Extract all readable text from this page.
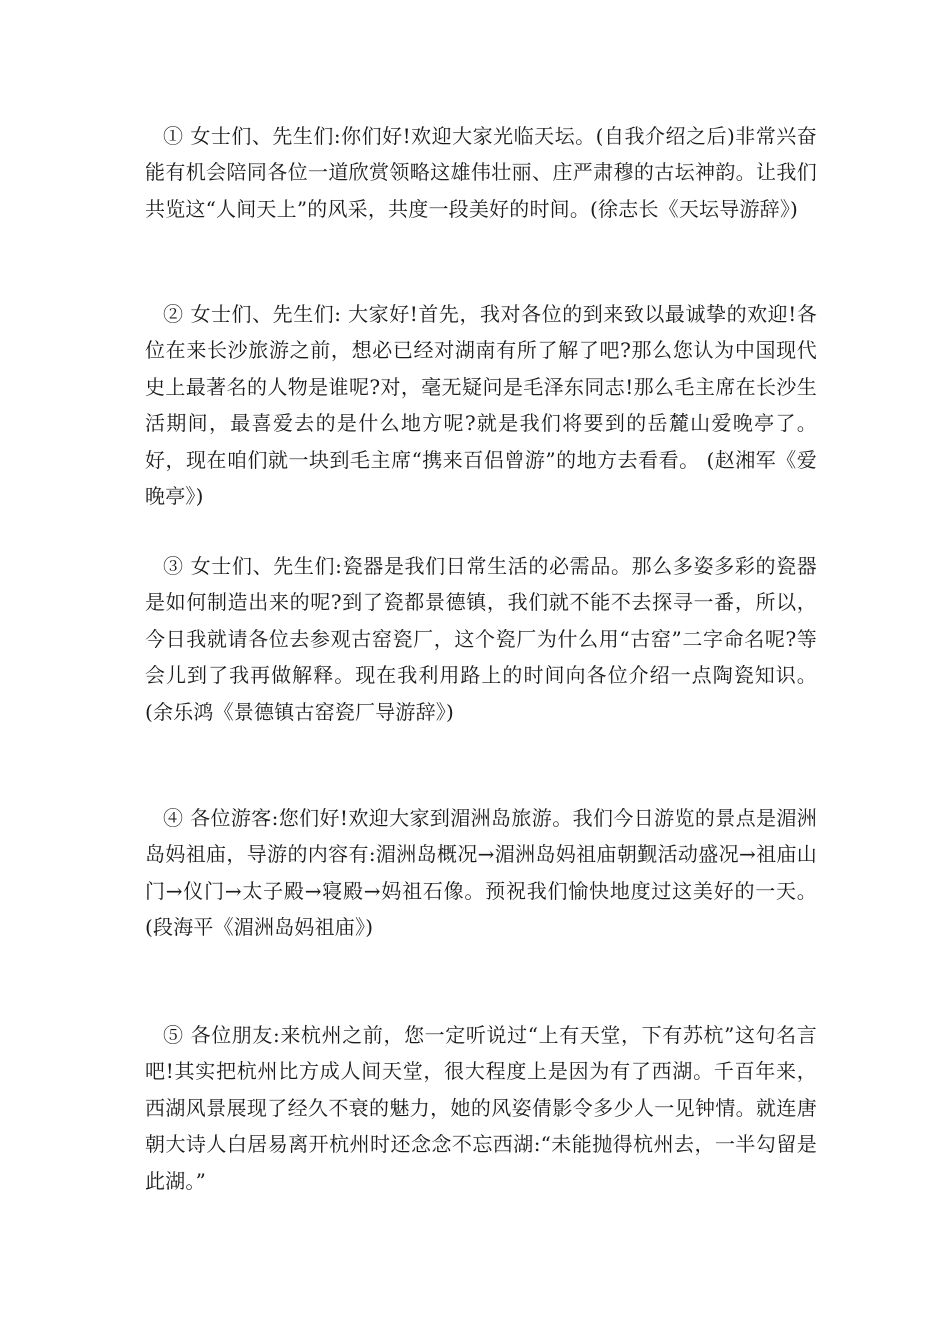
① 女士们、先生们:你们好!欢迎大家光临天坛。(自我介绍之后)非常兴奋能有机会陪同各位一道欣赏领略这雄伟壮丽、庄严肃穆的古坛神韵。让我们共览这“人间天上”的风采，共度一段美好的时间。(徐志长《天坛导游辞》)

② 女士们、先生们: 大家好!首先，我对各位的到来致以最诚挚的欢迎!各位在来长沙旅游之前，想必已经对湖南有所了解了吧?那么您认为中国现代史上最著名的人物是谁呢?对，毫无疑问是毛泽东同志!那么毛主席在长沙生活期间，最喜爱去的是什么地方呢?就是我们将要到的岳麓山爱晚亭了。好，现在咱们就一块到毛主席“携来百侣曾游”的地方去看看。 (赵湘军《爱晚亭》)

③ 女士们、先生们:瓷器是我们日常生活的必需品。那么多姿多彩的瓷器是如何制造出来的呢?到了瓷都景德镇，我们就不能不去探寻一番，所以，今日我就请各位去参观古窑瓷厂，这个瓷厂为什么用“古窑”二字命名呢?等会儿到了我再做解释。现在我利用路上的时间向各位介绍一点陶瓷知识。(余乐鸿《景德镇古窑瓷厂导游辞》)

④ 各位游客:您们好!欢迎大家到湄洲岛旅游。我们今日游览的景点是湄洲岛妈祖庙，导游的内容有:湄洲岛概况→湄洲岛妈祖庙朝觐活动盛况→祖庙山门→仪门→太子殿→寝殿→妈祖石像。预祝我们愉快地度过这美好的一天。(段海平《湄洲岛妈祖庙》)

⑤ 各位朋友:来杭州之前，您一定听说过“上有天堂，下有苏杭”这句名言吧!其实把杭州比方成人间天堂，很大程度上是因为有了西湖。千百年来，西湖风景展现了经久不衰的魅力，她的风姿倩影令多少人一见钟情。就连唐朝大诗人白居易离开杭州时还念念不忘西湖:“未能抛得杭州去，一半勾留是此湖。”
